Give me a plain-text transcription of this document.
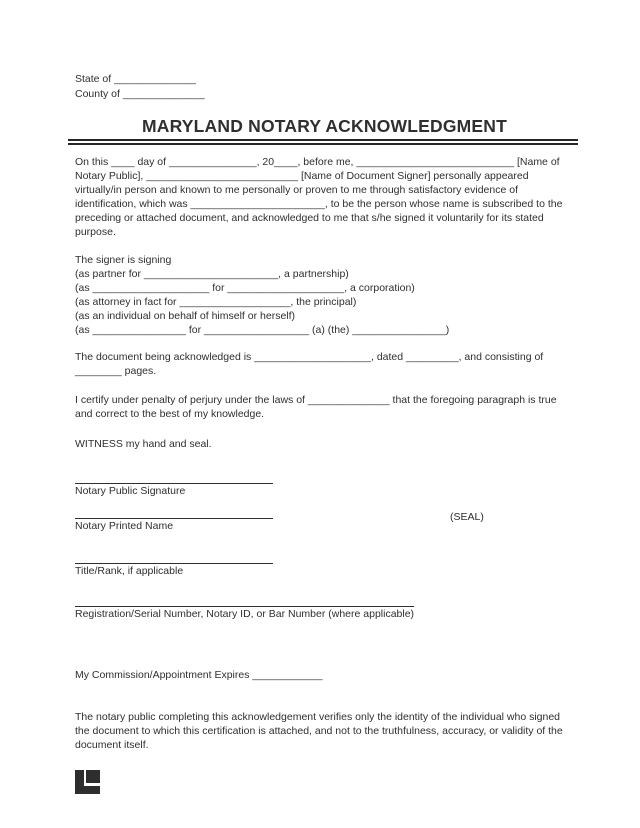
State of ______________
County of ______________
MARYLAND NOTARY ACKNOWLEDGMENT

On this ____ day of _______________, 20____, before me, ___________________________ [Name of
Notary Public], __________________________ [Name of Document Signer] personally appeared
virtually/in person and known to me personally or proven to me through satisfactory evidence of
identification, which was _______________________, to be the person whose name is subscribed to the
preceding or attached document, and acknowledged to me that s/he signed it voluntarily for its stated
purpose.

The signer is signing
(as partner for _______________________, a partnership)
(as ____________________ for ____________________, a corporation)
(as attorney in fact for ___________________, the principal)
(as an individual on behalf of himself or herself)
(as ________________ for __________________ (a) (the) ________________)

The document being acknowledged is ____________________, dated _________, and consisting of
________ pages.

I certify under penalty of perjury under the laws of ______________ that the foregoing paragraph is true
and correct to the best of my knowledge.

WITNESS my hand and seal.

Notary Public Signature
Notary Printed Name
(SEAL)
Title/Rank, if applicable
Registration/Serial Number, Notary ID, or Bar Number (where applicable)
My Commission/Appointment Expires ____________

The notary public completing this acknowledgement verifies only the identity of the individual who signed
the document to which this certification is attached, and not to the truthfulness, accuracy, or validity of the
document itself.
